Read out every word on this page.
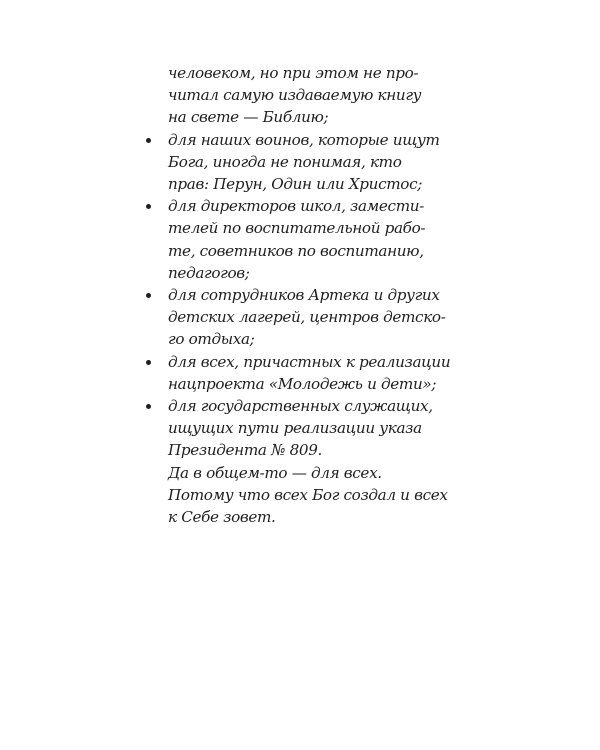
человеком, но при этом не про-
читал самую издаваемую книгу
на свете — Библию;
для наших воинов, которые ищут
Бога, иногда не понимая, кто
прав: Перун, Один или Христос;
для директоров школ, замести-
телей по воспитательной рабо-
те, советников по воспитанию,
педагогов;
для сотрудников Артека и других
детских лагерей, центров детско-
го отдыха;
для всех, причастных к реализации
нацпроекта «Молодежь и дети»;
для государственных служащих,
ищущих пути реализации указа
Президента № 809.
Да в общем-то — для всех.
Потому что всех Бог создал и всех
к Себе зовет.
